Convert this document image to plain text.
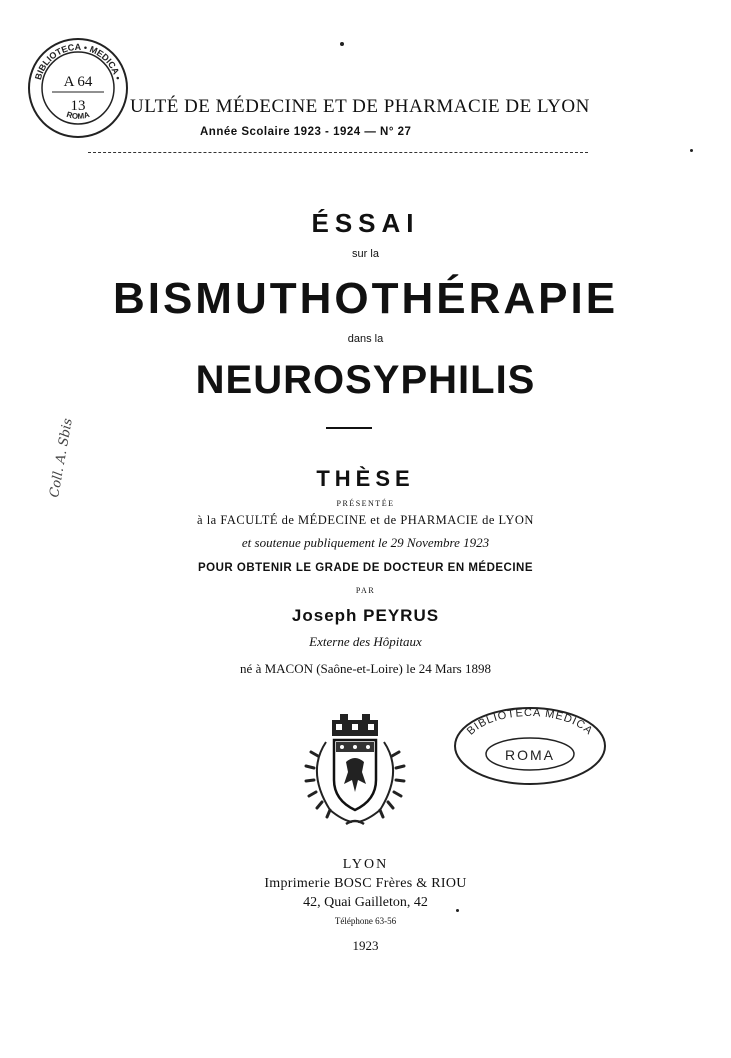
BIBLIOTECA • MEDICA •
ROMA
A 64
13 ULTÉ DE MÉDECINE ET DE PHARMACIE DE LYON
Année Scolaire 1923 - 1924 — N° 27
ÉSSAI
sur la
BISMUTHOTHÉRAPIE
dans la
NEUROSYPHILIS
Coll. A. Sbis	THÈSE
PRÉSENTÉE
à la FACULTÉ de MÉDECINE et de PHARMACIE de LYON
et soutenue publiquement le 29 Novembre 1923
POUR OBTENIR LE GRADE DE DOCTEUR EN MÉDECINE
PAR
Joseph PEYRUS
Externe des Hôpitaux
né à MACON (Saône-et-Loire) le 24 Mars 1898
BIBLIOTECA MEDICA
ROMA
LYON
Imprimerie BOSC Frères & RIOU
42, Quai Gailleton, 42
Téléphone 63-56
1923
